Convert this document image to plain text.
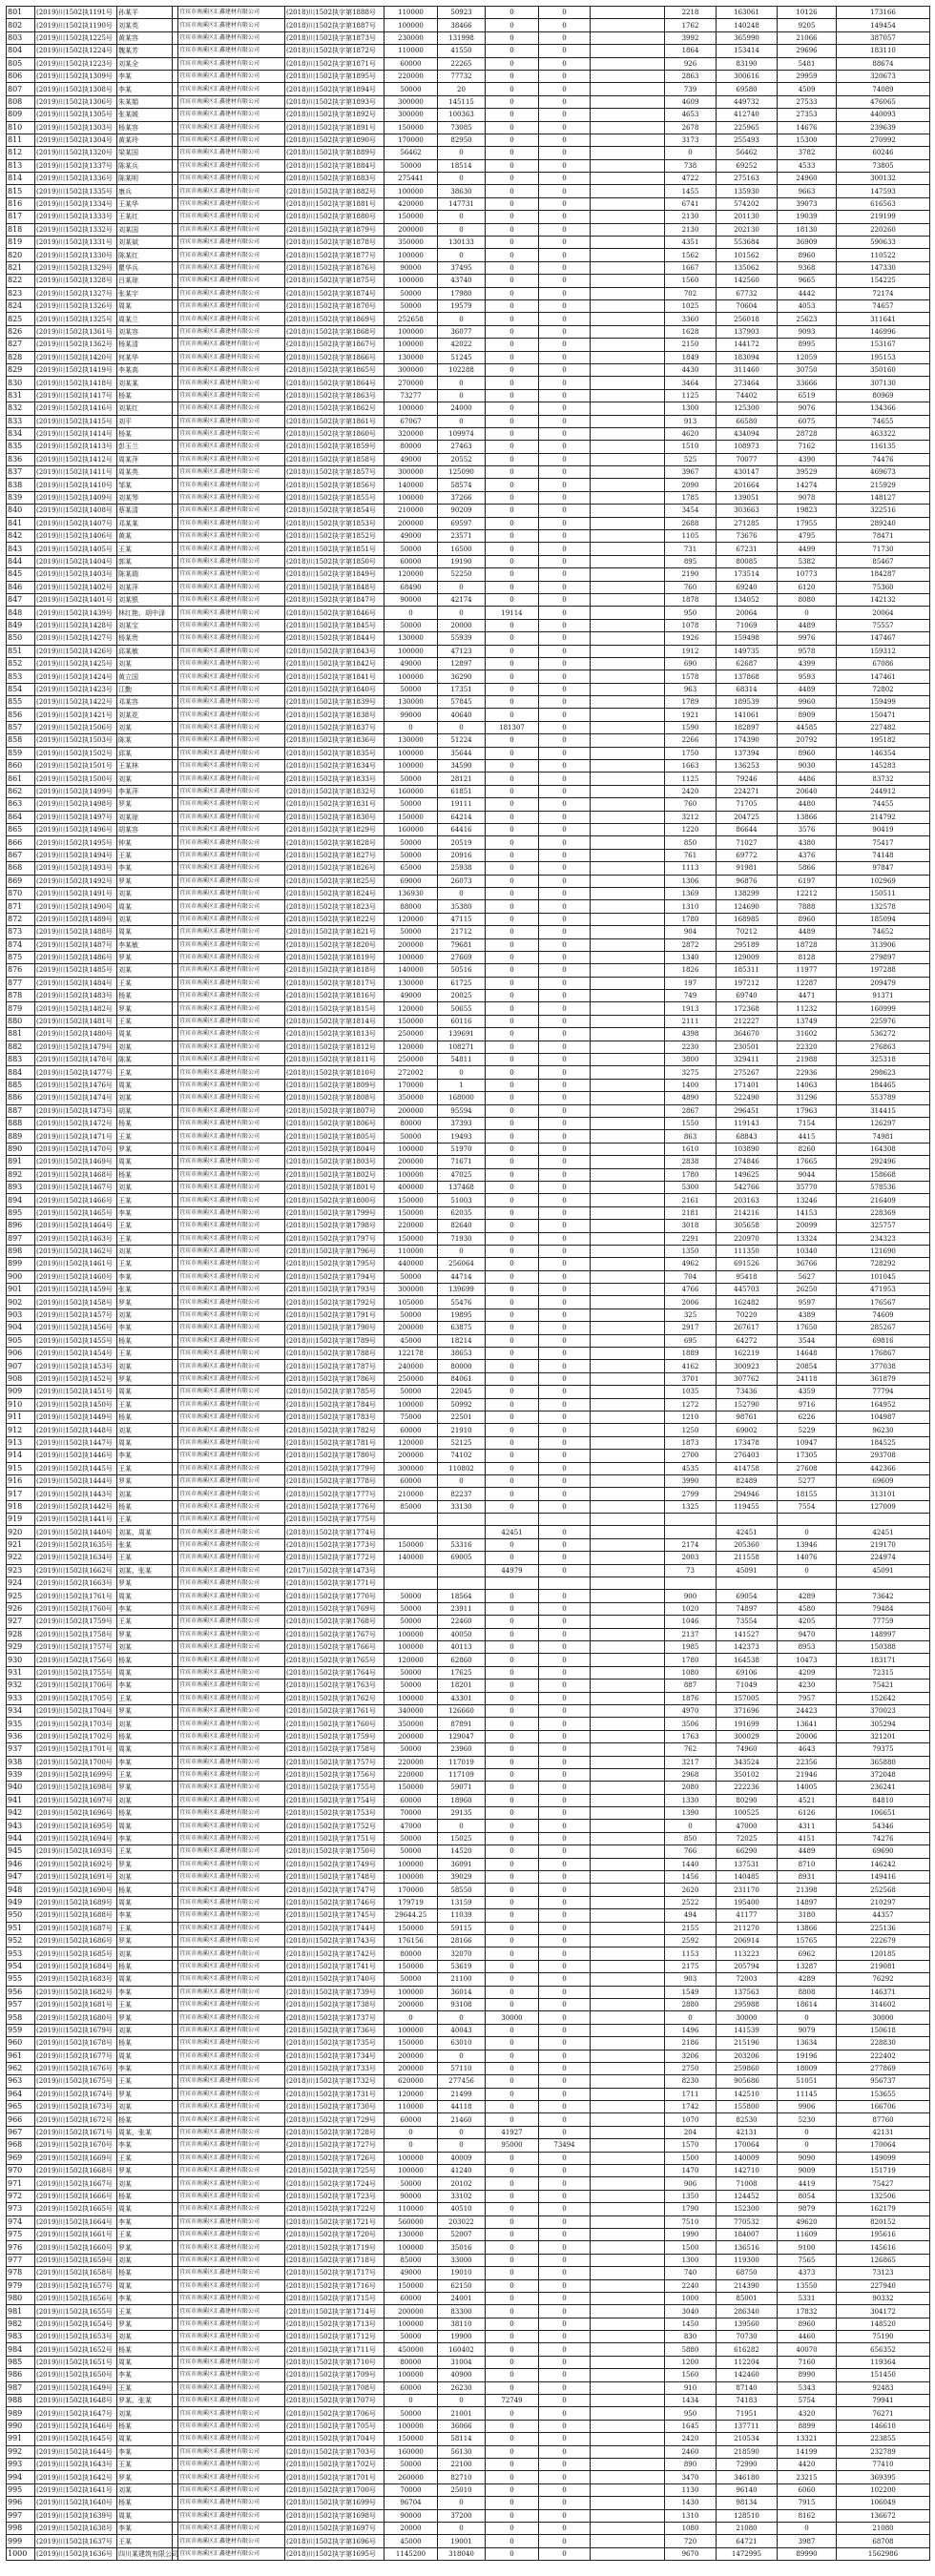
801	(2019)川1502执1191号	孙某平		宜宾市南溪区汇鑫建材有限公司	(2018)川1502执字第1888号	110000	50923	0	0		2218	163061	10126	173166
802	(2019)川1502执1190号	刘某英		宜宾市南溪区汇鑫建材有限公司	(2018)川1502执字第1887号	100000	38466	0	0		1762	140248	9205	149454
803	(2019)川1502执1225号	黄某容		宜宾市南溪区汇鑫建材有限公司	(2018)川1502执字第1873号	230000	131998	0	0		3992	365990	21066	387057
804	(2019)川1502执1224号	魏某芳		宜宾市南溪区汇鑫建材有限公司	(2018)川1502执字第1872号	110000	41550	0	0		1864	153414	29696	183110
805	(2019)川1502执1223号	刘某全		宜宾市南溪区汇鑫建材有限公司	(2018)川1502执字第1871号	60000	22265	0	0		926	83190	5481	88674
806	(2019)川1502执1309号	李某		宜宾市南溪区汇鑫建材有限公司	(2018)川1502执字第1895号	220000	77732	0	0		2863	300616	29959	320673
807	(2019)川1502执1308号	李某		宜宾市南溪区汇鑫建材有限公司	(2018)川1502执字第1894号	50000	20	0	0		739	69580	4509	74089
808	(2019)川1502执1306号	朱某娟		宜宾市南溪区汇鑫建材有限公司	(2018)川1502执字第1893号	300000	145115	0	0		4609	449732	27533	476065
809	(2019)川1502执1305号	张某媛		宜宾市南溪区汇鑫建材有限公司	(2018)川1502执字第1892号	300000	100363	0	0		4653	412740	27353	440093
810	(2019)川1502执1303号	杨某容		宜宾市南溪区汇鑫建材有限公司	(2018)川1502执字第1891号	150000	73085	0	0		2678	225965	14676	239639
811	(2019)川1502执1304号	黄某玲		宜宾市南溪区汇鑫建材有限公司	(2018)川1502执字第1890号	170000	82950	0	0		3173	255493	15300	270992
812	(2019)川1502执1320号	梁某国		宜宾市南溪区汇鑫建材有限公司	(2018)川1502执字第1889号	56462	0	0	0		0	56462	3782	60246
813	(2019)川1502执1337号	陈某兵		宜宾市南溪区汇鑫建材有限公司	(2018)川1502执字第1884号	50000	18514	0	0		738	69252	4533	73805
814	(2019)川1502执1336号	陈某明		宜宾市南溪区汇鑫建材有限公司	(2018)川1502执字第1883号	275441	0	0	0		4722	275163	24960	300132
815	(2019)川1502执1335号	康兵		宜宾市南溪区汇鑫建材有限公司	(2018)川1502执字第1882号	100000	38630	0	0		1455	135930	9663	147593
816	(2019)川1502执1334号	王某华		宜宾市南溪区汇鑫建材有限公司	(2018)川1502执字第1881号	420000	147731	0	0		6741	574202	39073	616563
817	(2019)川1502执1333号	王某红		宜宾市南溪区汇鑫建材有限公司	(2018)川1502执字第1880号	150000	0	0	0		2130	201130	19039	219199
818	(2019)川1502执1332号	刘某国		宜宾市南溪区汇鑫建材有限公司	(2018)川1502执字第1879号	200000	0	0	0		2130	202130	18130	220260
819	(2019)川1502执1331号	刘某斌		宜宾市南溪区汇鑫建材有限公司	(2018)川1502执字第1878号	350000	130133	0	0		4351	553684	36909	590633
820	(2019)川1502执1330号	陈某红		宜宾市南溪区汇鑫建材有限公司	(2018)川1502执字第1877号	100000	0	0	0		1562	101562	8960	110522
821	(2019)川1502执1329号	瞿华兵		宜宾市南溪区汇鑫建材有限公司	(2018)川1502执字第1876号	90000	37495	0	0		1667	135062	9368	147330
822	(2019)川1502执1328号	吕某琼		宜宾市南溪区汇鑫建材有限公司	(2018)川1502执字第1875号	100000	43740	0	0		1560	142560	9665	154225
823	(2019)川1502执1327号	张某宇		宜宾市南溪区汇鑫建材有限公司	(2018)川1502执字第1874号	50000	17980	0	0		702	67732	4442	72174
824	(2019)川1502执1326号	周某		宜宾市南溪区汇鑫建材有限公司	(2018)川1502执字第1870号	50000	19579	0	0		1025	70604	4053	74657
825	(2019)川1502执1325号	周某兰		宜宾市南溪区汇鑫建材有限公司	(2018)川1502执字第1869号	252658	0	0	0		3360	256018	25623	311641
826	(2019)川1502执1361号	刘某容		宜宾市南溪区汇鑫建材有限公司	(2018)川1502执字第1868号	100000	36077	0	0		1628	137903	9093	146996
827	(2019)川1502执1362号	杨某清		宜宾市南溪区汇鑫建材有限公司	(2018)川1502执字第1867号	100000	42022	0	0		2150	144172	8995	153167
828	(2019)川1502执1420号	何某华		宜宾市南溪区汇鑫建材有限公司	(2018)川1502执字第1866号	130000	51245	0	0		1849	183094	12059	195153
829	(2019)川1502执1419号	李某高		宜宾市南溪区汇鑫建材有限公司	(2018)川1502执字第1865号	300000	102288	0	0		4430	311460	30750	350160
830	(2019)川1502执1418号	刘某某		宜宾市南溪区汇鑫建材有限公司	(2018)川1502执字第1864号	270000	0	0	0		3464	273464	33666	307130
831	(2019)川1502执1417号	杨某		宜宾市南溪区汇鑫建材有限公司	(2018)川1502执字第1863号	73277	0	0	0		1125	74402	6519	80969
832	(2019)川1502执1416号	刘某红		宜宾市南溪区汇鑫建材有限公司	(2018)川1502执字第1862号	100000	24000	0	0		1300	125300	9076	134366
833	(2019)川1502执1415号	刘平		宜宾市南溪区汇鑫建材有限公司	(2018)川1502执字第1861号	67067	0	0	0		913	66580	6075	74655
834	(2019)川1502执1414号	杨某		宜宾市南溪区汇鑫建材有限公司	(2018)川1502执字第1860号	320000	109974	0	0		4620	434094	28728	463322
835	(2019)川1502执1413号	彭玉兰		宜宾市南溪区汇鑫建材有限公司	(2018)川1502执字第1859号	80000	27463	0	0		1510	108973	7162	116135
836	(2019)川1502执1412号	周某萍		宜宾市南溪区汇鑫建材有限公司	(2018)川1502执字第1858号	49000	20552	0	0		525	70077	4390	74476
837	(2019)川1502执1411号	周某英		宜宾市南溪区汇鑫建材有限公司	(2018)川1502执字第1857号	300000	125090	0	0		3967	430147	39529	469673
838	(2019)川1502执1410号	邹某		宜宾市南溪区汇鑫建材有限公司	(2018)川1502执字第1856号	140000	58574	0	0		2090	201664	14274	215929
839	(2019)川1502执1409号	刘某琴		宜宾市南溪区汇鑫建材有限公司	(2018)川1502执字第1855号	100000	37266	0	0		1785	139051	9078	148127
840	(2019)川1502执1408号	蔡某清		宜宾市南溪区汇鑫建材有限公司	(2018)川1502执字第1854号	210000	90209	0	0		3454	303663	19823	322516
841	(2019)川1502执1407号	邓某某		宜宾市南溪区汇鑫建材有限公司	(2018)川1502执字第1853号	200000	69597	0	0		2688	271285	17955	289240
842	(2019)川1502执1406号	黄某		宜宾市南溪区汇鑫建材有限公司	(2018)川1502执字第1852号	49000	23571	0	0		1105	73676	4795	78471
843	(2019)川1502执1405号	王某		宜宾市南溪区汇鑫建材有限公司	(2018)川1502执字第1851号	50000	16500	0	0		731	67231	4499	71730
844	(2019)川1502执1404号	郭某		宜宾市南溪区汇鑫建材有限公司	(2018)川1502执字第1850号	60000	19190	0	0		895	80085	5382	85467
845	(2019)川1502执1403号	陈某瑞		宜宾市南溪区汇鑫建材有限公司	(2018)川1502执字第1849号	120000	52250	0	0		2190	173514	10773	184287
846	(2019)川1502执1402号	刘某萍		宜宾市南溪区汇鑫建材有限公司	(2018)川1502执字第1848号	68490	0	0	0		760	69240	6120	75360
847	(2019)川1502执1401号	刘某银		宜宾市南溪区汇鑫建材有限公司	(2018)川1502执字第1847号	90000	42174	0	0		1878	134052	8080	142132
848	(2019)川1502执1439号	林红艳、胡中泽		宜宾市南溪区汇鑫建材有限公司	(2018)川1502执字第1846号	0	0	19114	0		950	20064	0	20064
849	(2019)川1502执1428号	刘某宝		宜宾市南溪区汇鑫建材有限公司	(2018)川1502执字第1845号	50000	20000	0	0		1078	71069	4489	75557
850	(2019)川1502执1427号	杨某贵		宜宾市南溪区汇鑫建材有限公司	(2018)川1502执字第1844号	130000	55939	0	0		1926	159498	9976	147467
851	(2019)川1502执1426号	邱某敏		宜宾市南溪区汇鑫建材有限公司	(2018)川1502执字第1843号	100000	47123	0	0		1912	149735	9578	159312
852	(2019)川1502执1425号	刘某		宜宾市南溪区汇鑫建材有限公司	(2018)川1502执字第1842号	49000	12897	0	0		690	62687	4399	67086
853	(2019)川1502执1424号	黄立国		宜宾市南溪区汇鑫建材有限公司	(2018)川1502执字第1841号	100000	36290	0	0		1578	137868	9593	147461
854	(2019)川1502执1423号	江勤		宜宾市南溪区汇鑫建材有限公司	(2018)川1502执字第1840号	50000	17351	0	0		963	68314	4489	72802
855	(2019)川1502执1422号	邓某容		宜宾市南溪区汇鑫建材有限公司	(2018)川1502执字第1839号	130000	57845	0	0		1789	189539	9960	159499
856	(2019)川1502执1421号	刘某花		宜宾市南溪区汇鑫建材有限公司	(2018)川1502执字第1838号	99000	40640	0	0		1921	141061	8909	150471
857	(2019)川1502执1506号	刘某		宜宾市南溪区汇鑫建材有限公司	(2018)川1502执字第1837号	0	0	181307	0		1590	182897	44585	227482
858	(2019)川1502执1503号	陈某		宜宾市南溪区汇鑫建材有限公司	(2018)川1502执字第1836号	130000	51224	0	0		2266	174390	20792	195182
859	(2019)川1502执1502号	邱某		宜宾市南溪区汇鑫建材有限公司	(2018)川1502执字第1835号	100000	35644	0	0		1750	137394	8960	146354
860	(2019)川1502执1501号	王某林		宜宾市南溪区汇鑫建材有限公司	(2018)川1502执字第1834号	100000	34590	0	0		1663	136253	9030	145283
861	(2019)川1502执1500号	刘某		宜宾市南溪区汇鑫建材有限公司	(2018)川1502执字第1833号	50000	28121	0	0		1125	79246	4486	83732
862	(2019)川1502执1499号	李某萍		宜宾市南溪区汇鑫建材有限公司	(2018)川1502执字第1832号	160000	61851	0	0		2420	224271	20640	244912
863	(2019)川1502执1498号	罗某		宜宾市南溪区汇鑫建材有限公司	(2018)川1502执字第1831号	50000	19111	0	0		760	71705	4480	74455
864	(2019)川1502执1497号	刘某琼		宜宾市南溪区汇鑫建材有限公司	(2018)川1502执字第1830号	150000	64214	0	0		3212	204725	13866	214792
865	(2019)川1502执1496号	胡某容		宜宾市南溪区汇鑫建材有限公司	(2018)川1502执字第1829号	160000	64416	0	0		1220	86644	3576	90419
866	(2019)川1502执1495号	钟某		宜宾市南溪区汇鑫建材有限公司	(2018)川1502执字第1828号	50000	20519	0	0		850	71027	4380	75417
867	(2019)川1502执1494号	王某		宜宾市南溪区汇鑫建材有限公司	(2018)川1502执字第1827号	50000	20916	0	0		761	69772	4376	74148
868	(2019)川1502执1493号	李某		宜宾市南溪区汇鑫建材有限公司	(2018)川1502执字第1826号	65000	25938	0	0		1113	91981	5866	97847
869	(2019)川1502执1492号	罗某		宜宾市南溪区汇鑫建材有限公司	(2018)川1502执字第1825号	69000	26073	0	0		1306	96876	6197	102969
870	(2019)川1502执1491号	刘某		宜宾市南溪区汇鑫建材有限公司	(2018)川1502执字第1824号	136930	0	0	0		1369	138299	12212	150511
871	(2019)川1502执1490号	周某		宜宾市南溪区汇鑫建材有限公司	(2018)川1502执字第1823号	88000	35380	0	0		1310	124690	7888	132578
872	(2019)川1502执1489号	刘某		宜宾市南溪区汇鑫建材有限公司	(2018)川1502执字第1822号	120000	47115	0	0		1780	168985	8960	185094
873	(2019)川1502执1488号	周某		宜宾市南溪区汇鑫建材有限公司	(2018)川1502执字第1821号	50000	21712	0	0		904	70212	4489	74652
874	(2019)川1502执1487号	李某敏		宜宾市南溪区汇鑫建材有限公司	(2018)川1502执字第1820号	200000	79681	0	0		2872	295189	18728	313906
875	(2019)川1502执1486号	罗某		宜宾市南溪区汇鑫建材有限公司	(2018)川1502执字第1819号	100000	27669	0	0		1340	129009	8128	279897
876	(2019)川1502执1485号	刘某		宜宾市南溪区汇鑫建材有限公司	(2018)川1502执字第1818号	140000	50516	0	0		1826	185311	11977	197288
877	(2019)川1502执1484号	王某		宜宾市南溪区汇鑫建材有限公司	(2018)川1502执字第1817号	130000	61725	0	0		197	197212	12287	209479
878	(2019)川1502执1483号	杨某		宜宾市南溪区汇鑫建材有限公司	(2018)川1502执字第1816号	49000	20025	0	0		749	69740	4471	91371
879	(2019)川1502执1482号	罗某		宜宾市南溪区汇鑫建材有限公司	(2018)川1502执字第1815号	120000	50655	0	0		1913	172368	11232	160999
880	(2019)川1502执1481号	王某		宜宾市南溪区汇鑫建材有限公司	(2018)川1502执字第1814号	150000	60116	0	0		2111	212227	13749	225976
881	(2019)川1502执1480号	周某		宜宾市南溪区汇鑫建材有限公司	(2018)川1502执字第1813号	250000	139691	0	0		4398	364670	31602	536272
882	(2019)川1502执1479号	刘某		宜宾市南溪区汇鑫建材有限公司	(2018)川1502执字第1812号	120000	108271	0	0		2230	230501	22320	276863
883	(2019)川1502执1478号	陈某		宜宾市南溪区汇鑫建材有限公司	(2018)川1502执字第1811号	250000	54811	0	0		3800	329411	21988	325318
884	(2019)川1502执1477号	王某		宜宾市南溪区汇鑫建材有限公司	(2018)川1502执字第1810号	272002	0	0	0		3275	275267	22936	298623
885	(2019)川1502执1476号	周某		宜宾市南溪区汇鑫建材有限公司	(2018)川1502执字第1809号	170000	1	0	0		1400	171401	14063	184465
886	(2019)川1502执1474号	刘某		宜宾市南溪区汇鑫建材有限公司	(2018)川1502执字第1808号	350000	168000	0	0		4890	522490	31296	553789
887	(2019)川1502执1473号	胡某		宜宾市南溪区汇鑫建材有限公司	(2018)川1502执字第1807号	200000	95594	0	0		2867	296451	17963	314415
888	(2019)川1502执1472号	杨某		宜宾市南溪区汇鑫建材有限公司	(2018)川1502执字第1806号	80000	37393	0	0		1550	119143	7154	126297
889	(2019)川1502执1471号	王某		宜宾市南溪区汇鑫建材有限公司	(2018)川1502执字第1805号	50000	19493	0	0		863	68843	4415	74981
890	(2019)川1502执1470号	罗某		宜宾市南溪区汇鑫建材有限公司	(2018)川1502执字第1804号	100000	51970	0	0		1610	103890	8260	164308
891	(2019)川1502执1469号	周某		宜宾市南溪区汇鑫建材有限公司	(2018)川1502执字第1803号	200000	71671	0	0		2838	274846	17665	292496
892	(2019)川1502执1468号	杨某		宜宾市南溪区汇鑫建材有限公司	(2018)川1502执字第1802号	100000	47025	0	0		1780	149625	9044	158668
893	(2019)川1502执1467号	刘某		宜宾市南溪区汇鑫建材有限公司	(2018)川1502执字第1801号	400000	137468	0	0		5300	542766	35770	578536
894	(2019)川1502执1466号	王某		宜宾市南溪区汇鑫建材有限公司	(2018)川1502执字第1800号	150000	51003	0	0		2161	203163	13246	216409
895	(2019)川1502执1465号	李某		宜宾市南溪区汇鑫建材有限公司	(2018)川1502执字第1799号	150000	62035	0	0		2181	214216	14153	228369
896	(2019)川1502执1464号	王某		宜宾市南溪区汇鑫建材有限公司	(2018)川1502执字第1798号	220000	82640	0	0		3018	305658	20099	325757
897	(2019)川1502执1463号	王某		宜宾市南溪区汇鑫建材有限公司	(2018)川1502执字第1797号	150000	71930	0	0		2291	220970	13324	234323
898	(2019)川1502执1462号	刘某		宜宾市南溪区汇鑫建材有限公司	(2018)川1502执字第1796号	110000	0	0	0		1350	111350	10340	121690
899	(2019)川1502执1461号	王某		宜宾市南溪区汇鑫建材有限公司	(2018)川1502执字第1795号	440000	256064	0	0		4962	691526	36766	728292
900	(2019)川1502执1460号	李某		宜宾市南溪区汇鑫建材有限公司	(2018)川1502执字第1794号	50000	44714	0	0		704	95418	5627	101045
901	(2019)川1502执1459号	张某		宜宾市南溪区汇鑫建材有限公司	(2018)川1502执字第1793号	300000	139699	0	0		4766	445703	26250	471953
902	(2019)川1502执1458号	罗某		宜宾市南溪区汇鑫建材有限公司	(2018)川1502执字第1792号	105000	55476	0	0		2006	162482	9597	176567
903	(2019)川1502执1457号	刘某		宜宾市南溪区汇鑫建材有限公司	(2018)川1502执字第1791号	50000	19895	0	0		325	70220	4389	74609
904	(2019)川1502执1456号	李某		宜宾市南溪区汇鑫建材有限公司	(2018)川1502执字第1790号	200000	63875	0	0		2917	267617	17650	285267
905	(2019)川1502执1455号	杨某		宜宾市南溪区汇鑫建材有限公司	(2018)川1502执字第1789号	45000	18214	0	0		695	64272	3544	69816
906	(2019)川1502执1454号	王某		宜宾市南溪区汇鑫建材有限公司	(2018)川1502执字第1788号	122178	38653	0	0		1889	162219	14648	176867
907	(2019)川1502执1453号	刘某		宜宾市南溪区汇鑫建材有限公司	(2018)川1502执字第1787号	240000	80000	0	0		4162	300923	20854	377038
908	(2019)川1502执1452号	罗某		宜宾市南溪区汇鑫建材有限公司	(2018)川1502执字第1786号	250000	84061	0	0		3701	307762	24118	361879
909	(2019)川1502执1451号	周某		宜宾市南溪区汇鑫建材有限公司	(2018)川1502执字第1785号	50000	22045	0	0		1035	73436	4359	77794
910	(2019)川1502执1450号	王某		宜宾市南溪区汇鑫建材有限公司	(2018)川1502执字第1784号	100000	50992	0	0		1272	152790	9716	164952
911	(2019)川1502执1449号	杨某		宜宾市南溪区汇鑫建材有限公司	(2018)川1502执字第1783号	75000	22501	0	0		1210	98761	6226	104987
912	(2019)川1502执1448号	刘某		宜宾市南溪区汇鑫建材有限公司	(2018)川1502执字第1782号	60000	21910	0	0		1250	69002	5229	96230
913	(2019)川1502执1447号	周某		宜宾市南溪区汇鑫建材有限公司	(2018)川1502执字第1781号	120000	52125	0	0		1873	173478	10947	184525
914	(2019)川1502执1446号	李某		宜宾市南溪区汇鑫建材有限公司	(2018)川1502执字第1780号	200000	74102	0	0		2700	276403	17305	293708
915	(2019)川1502执1445号	王某		宜宾市南溪区汇鑫建材有限公司	(2018)川1502执字第1779号	300000	110802	0	0		4535	414758	27608	442366
916	(2019)川1502执1444号	罗某		宜宾市南溪区汇鑫建材有限公司	(2018)川1502执字第1778号	60000	0	0	0		3990	82489	5277	69609
917	(2019)川1502执1443号	刘某		宜宾市南溪区汇鑫建材有限公司	(2018)川1502执字第1777号	210000	82237	0	0		2799	294946	18155	313101
918	(2019)川1502执1442号	杨某		宜宾市南溪区汇鑫建材有限公司	(2018)川1502执字第1776号	85000	33130	0	0		1325	119455	7554	127009
919	(2019)川1502执1441号	王某		宜宾市南溪区汇鑫建材有限公司	(2018)川1502执字第1775号									
920	(2019)川1502执1440号	刘某、周某		宜宾市南溪区汇鑫建材有限公司	(2018)川1502执字第1774号			42451	0			42451	0	42451
921	(2019)川1502执1635号	张某		宜宾市南溪区汇鑫建材有限公司	(2018)川1502执字第1773号	150000	53316	0	0		2174	205360	13946	219170
922	(2019)川1502执1634号	王某		宜宾市南溪区汇鑫建材有限公司	(2018)川1502执字第1772号	140000	69005	0	0		2003	211558	14076	224974
923	(2019)川1502执1662号	刘某、张某		宜宾市南溪区汇鑫建材有限公司	(2017)川1502执字第1473号			44979	0		73	45091	0	45091
924	(2019)川1502执1663号	罗某		宜宾市南溪区汇鑫建材有限公司	(2018)川1502执字第1771号									
925	(2019)川1502执1761号	周某		宜宾市南溪区汇鑫建材有限公司	(2018)川1502执字第1770号	50000	18564	0	0		900	69054	4289	73642
926	(2019)川1502执1760号	李某		宜宾市南溪区汇鑫建材有限公司	(2018)川1502执字第1769号	50000	23911	0	0		1020	74897	4580	79484
927	(2019)川1502执1759号	王某		宜宾市南溪区汇鑫建材有限公司	(2018)川1502执字第1768号	50000	22460	0	0		1046	73554	4205	77759
928	(2019)川1502执1758号	罗某		宜宾市南溪区汇鑫建材有限公司	(2018)川1502执字第1767号	100000	40050	0	0		2137	141527	9470	148997
929	(2019)川1502执1757号	刘某		宜宾市南溪区汇鑫建材有限公司	(2018)川1502执字第1766号	100000	40113	0	0		1985	142373	8953	150388
930	(2019)川1502执1756号	杨某		宜宾市南溪区汇鑫建材有限公司	(2018)川1502执字第1765号	120000	62860	0	0		1780	164538	10473	183171
931	(2019)川1502执1755号	周某		宜宾市南溪区汇鑫建材有限公司	(2018)川1502执字第1764号	50000	17625	0	0		1080	69106	4209	72315
932	(2019)川1502执1706号	李某		宜宾市南溪区汇鑫建材有限公司	(2018)川1502执字第1763号	50000	18201	0	0		887	71049	4230	75421
933	(2019)川1502执1705号	王某		宜宾市南溪区汇鑫建材有限公司	(2018)川1502执字第1762号	100000	43301	0	0		1876	157005	7957	152642
934	(2019)川1502执1704号	罗某		宜宾市南溪区汇鑫建材有限公司	(2018)川1502执字第1761号	340000	126660	0	0		4970	371696	24423	370023
935	(2019)川1502执1703号	刘某		宜宾市南溪区汇鑫建材有限公司	(2018)川1502执字第1760号	350000	87891	0	0		3506	191699	13641	305294
936	(2019)川1502执1702号	杨某		宜宾市南溪区汇鑫建材有限公司	(2018)川1502执字第1759号	200000	129047	0	0		1763	300029	20006	321201
937	(2019)川1502执1701号	周某		宜宾市南溪区汇鑫建材有限公司	(2018)川1502执字第1758号	50000	23960	0	0		762	74960	4643	79375
938	(2019)川1502执1700号	李某		宜宾市南溪区汇鑫建材有限公司	(2018)川1502执字第1757号	220000	117019	0	0		3217	343524	22356	365880
939	(2019)川1502执1699号	王某		宜宾市南溪区汇鑫建材有限公司	(2018)川1502执字第1756号	220000	117109	0	0		2968	350102	21946	372048
940	(2019)川1502执1698号	罗某		宜宾市南溪区汇鑫建材有限公司	(2018)川1502执字第1755号	150000	59071	0	0		2080	222236	14005	236241
941	(2019)川1502执1697号	刘某		宜宾市南溪区汇鑫建材有限公司	(2018)川1502执字第1754号	60000	18960	0	0		1330	80290	4521	84810
942	(2019)川1502执1696号	杨某		宜宾市南溪区汇鑫建材有限公司	(2018)川1502执字第1753号	70000	29135	0	0		1390	100525	6126	106651
943	(2019)川1502执1695号	周某		宜宾市南溪区汇鑫建材有限公司	(2018)川1502执字第1752号	47000	0	0	0		0	47000	4311	54346
944	(2019)川1502执1694号	李某		宜宾市南溪区汇鑫建材有限公司	(2018)川1502执字第1751号	50000	15025	0	0		850	72025	4151	74276
945	(2019)川1502执1693号	王某		宜宾市南溪区汇鑫建材有限公司	(2018)川1502执字第1750号	50000	14520	0	0		766	66290	4489	69690
946	(2019)川1502执1692号	罗某		宜宾市南溪区汇鑫建材有限公司	(2018)川1502执字第1749号	100000	36091	0	0		1440	137531	8710	146242
947	(2019)川1502执1691号	刘某		宜宾市南溪区汇鑫建材有限公司	(2018)川1502执字第1748号	100000	39029	0	0		1456	140485	8931	149416
948	(2019)川1502执1690号	杨某		宜宾市南溪区汇鑫建材有限公司	(2018)川1502执字第1747号	170000	58550	0	0		2620	231170	21398	252568
949	(2019)川1502执1689号	周某		宜宾市南溪区汇鑫建材有限公司	(2018)川1502执字第1746号	179719	13159	0	0		2522	195400	14897	210297
950	(2019)川1502执1688号	李某		宜宾市南溪区汇鑫建材有限公司	(2018)川1502执字第1745号	29644.25	11039	0	0		494	41177	3180	44357
951	(2019)川1502执1687号	王某		宜宾市南溪区汇鑫建材有限公司	(2018)川1502执字第1744号	150000	59115	0	0		2155	211270	13866	225136
952	(2019)川1502执1686号	罗某		宜宾市南溪区汇鑫建材有限公司	(2018)川1502执字第1743号	176156	28166	0	0		2592	206914	15765	222679
953	(2019)川1502执1685号	刘某		宜宾市南溪区汇鑫建材有限公司	(2018)川1502执字第1742号	80000	32070	0	0		1153	113223	6962	120185
954	(2019)川1502执1684号	杨某		宜宾市南溪区汇鑫建材有限公司	(2018)川1502执字第1741号	150000	53619	0	0		2175	205794	13287	219081
955	(2019)川1502执1683号	周某		宜宾市南溪区汇鑫建材有限公司	(2018)川1502执字第1740号	50000	21100	0	0		903	72003	4289	76292
956	(2019)川1502执1682号	李某		宜宾市南溪区汇鑫建材有限公司	(2018)川1502执字第1739号	100000	36014	0	0		1549	137563	8808	146371
957	(2019)川1502执1681号	王某		宜宾市南溪区汇鑫建材有限公司	(2018)川1502执字第1738号	200000	93108	0	0		2880	295988	18614	314602
958	(2019)川1502执1680号	罗某		宜宾市南溪区汇鑫建材有限公司	(2018)川1502执字第1737号	0	0	30000	0		0	30000	0	30000
959	(2019)川1502执1679号	刘某		宜宾市南溪区汇鑫建材有限公司	(2018)川1502执字第1736号	100000	40043	0	0		1496	141539	9079	150618
960	(2019)川1502执1678号	杨某		宜宾市南溪区汇鑫建材有限公司	(2018)川1502执字第1735号	150000	63010	0	0		2186	215196	13634	228830
961	(2019)川1502执1677号	周某		宜宾市南溪区汇鑫建材有限公司	(2018)川1502执字第1734号	200000	0	0	0		3206	203206	19196	222402
962	(2019)川1502执1676号	李某		宜宾市南溪区汇鑫建材有限公司	(2018)川1502执字第1733号	200000	57110	0	0		2750	259860	18009	277869
963	(2019)川1502执1675号	王某		宜宾市南溪区汇鑫建材有限公司	(2018)川1502执字第1732号	620000	277456	0	0		8230	905686	51051	956737
964	(2019)川1502执1674号	罗某		宜宾市南溪区汇鑫建材有限公司	(2018)川1502执字第1731号	120000	21499	0	0		1711	142510	11145	153655
965	(2019)川1502执1673号	刘某		宜宾市南溪区汇鑫建材有限公司	(2018)川1502执字第1730号	110000	44118	0	0		1742	155800	9906	166706
966	(2019)川1502执1672号	杨某		宜宾市南溪区汇鑫建材有限公司	(2018)川1502执字第1729号	60000	21460	0	0		1070	82530	5230	87760
967	(2019)川1502执1671号	周某、张某		宜宾市南溪区汇鑫建材有限公司	(2018)川1502执字第1728号	0	0	41927	0		204	42131	0	42131
968	(2019)川1502执1670号	李某		宜宾市南溪区汇鑫建材有限公司	(2018)川1502执字第1727号	0	0	95000	73494		1570	170064	0	170064
969	(2019)川1502执1669号	王某		宜宾市南溪区汇鑫建材有限公司	(2018)川1502执字第1726号	100000	40009	0	0		1500	140009	9090	149099
970	(2019)川1502执1668号	罗某		宜宾市南溪区汇鑫建材有限公司	(2018)川1502执字第1725号	100000	41240	0	0		1470	142710	9009	151719
971	(2019)川1502执1667号	刘某		宜宾市南溪区汇鑫建材有限公司	(2018)川1502执字第1724号	50000	20102	0	0		906	71008	4419	75427
972	(2019)川1502执1666号	杨某		宜宾市南溪区汇鑫建材有限公司	(2018)川1502执字第1723号	90000	33102	0	0		1350	124452	8054	132506
973	(2019)川1502执1665号	周某		宜宾市南溪区汇鑫建材有限公司	(2018)川1502执字第1722号	110000	40510	0	0		1790	152300	9879	162179
974	(2019)川1502执1664号	李某		宜宾市南溪区汇鑫建材有限公司	(2018)川1502执字第1721号	560000	203022	0	0		7510	770532	49620	820152
975	(2019)川1502执1661号	王某		宜宾市南溪区汇鑫建材有限公司	(2018)川1502执字第1720号	130000	52007	0	0		1990	184007	11609	195616
976	(2019)川1502执1660号	罗某		宜宾市南溪区汇鑫建材有限公司	(2018)川1502执字第1719号	100000	35016	0	0		1500	136516	9100	145616
977	(2019)川1502执1659号	刘某		宜宾市南溪区汇鑫建材有限公司	(2018)川1502执字第1718号	85000	33000	0	0		1300	119300	7565	126865
978	(2019)川1502执1658号	杨某		宜宾市南溪区汇鑫建材有限公司	(2018)川1502执字第1717号	49000	19010	0	0		740	68750	4373	73123
979	(2019)川1502执1657号	周某		宜宾市南溪区汇鑫建材有限公司	(2018)川1502执字第1716号	150000	62150	0	0		2240	214390	13550	227940
980	(2019)川1502执1656号	李某		宜宾市南溪区汇鑫建材有限公司	(2018)川1502执字第1715号	60000	24001	0	0		1000	85001	5331	90332
981	(2019)川1502执1655号	王某		宜宾市南溪区汇鑫建材有限公司	(2018)川1502执字第1714号	200000	83300	0	0		3040	286340	17832	304172
982	(2019)川1502执1654号	罗某		宜宾市南溪区汇鑫建材有限公司	(2018)川1502执字第1713号	100000	38110	0	0		1450	139560	8960	148520
983	(2019)川1502执1653号	刘某		宜宾市南溪区汇鑫建材有限公司	(2018)川1502执字第1712号	50000	19900	0	0		830	70730	4460	75190
984	(2019)川1502执1652号	杨某		宜宾市南溪区汇鑫建材有限公司	(2018)川1502执字第1711号	450000	160402	0	0		5880	616282	40070	656352
985	(2019)川1502执1651号	周某		宜宾市南溪区汇鑫建材有限公司	(2018)川1502执字第1710号	80000	31004	0	0		1200	112204	7160	119364
986	(2019)川1502执1650号	李某		宜宾市南溪区汇鑫建材有限公司	(2018)川1502执字第1709号	100000	40900	0	0		1560	142460	8990	151450
987	(2019)川1502执1649号	王某		宜宾市南溪区汇鑫建材有限公司	(2018)川1502执字第1708号	60000	26230	0	0		910	87140	5343	92483
988	(2019)川1502执1648号	罗某、张某		宜宾市南溪区汇鑫建材有限公司	(2018)川1502执字第1707号	0	0	72749	0		1434	74183	5754	79941
989	(2019)川1502执1647号	刘某		宜宾市南溪区汇鑫建材有限公司	(2018)川1502执字第1706号	50000	21001	0	0		950	71951	4320	76271
990	(2019)川1502执1646号	杨某		宜宾市南溪区汇鑫建材有限公司	(2018)川1502执字第1705号	100000	36066	0	0		1645	137711	8899	146610
991	(2019)川1502执1645号	周某		宜宾市南溪区汇鑫建材有限公司	(2018)川1502执字第1704号	150000	58114	0	0		2420	210534	13321	223855
992	(2019)川1502执1644号	李某		宜宾市南溪区汇鑫建材有限公司	(2018)川1502执字第1703号	160000	56130	0	0		2460	218590	14199	232789
993	(2019)川1502执1643号	王某		宜宾市南溪区汇鑫建材有限公司	(2018)川1502执字第1702号	50000	22100	0	0		890	72990	4420	77410
994	(2019)川1502执1642号	罗某		宜宾市南溪区汇鑫建材有限公司	(2018)川1502执字第1701号	260000	82710	0	0		3470	346180	23215	369395
995	(2019)川1502执1641号	刘某		宜宾市南溪区汇鑫建材有限公司	(2018)川1502执字第1700号	70000	25010	0	0		1130	96140	6060	102200
996	(2019)川1502执1640号	杨某		宜宾市南溪区汇鑫建材有限公司	(2018)川1502执字第1699号	96704	0	0	0		1430	98134	7915	106049
997	(2019)川1502执1639号	周某		宜宾市南溪区汇鑫建材有限公司	(2018)川1502执字第1698号	90000	37200	0	0		1310	128510	8162	136672
998	(2019)川1502执1638号	李某		宜宾市南溪区汇鑫建材有限公司	(2018)川1502执字第1697号	20000	0	0	0		1080	21080	0	21080
999	(2019)川1502执1637号	王某		宜宾市南溪区汇鑫建材有限公司	(2018)川1502执字第1696号	45000	19001	0	0		720	64721	3987	68708
1000	(2019)川1502执1636号	四川某建筑有限公司		宜宾市南溪区汇鑫建材有限公司	(2018)川1502执字第1695号	1145200	318040	0	0		9670	1472995	89990	1562986
